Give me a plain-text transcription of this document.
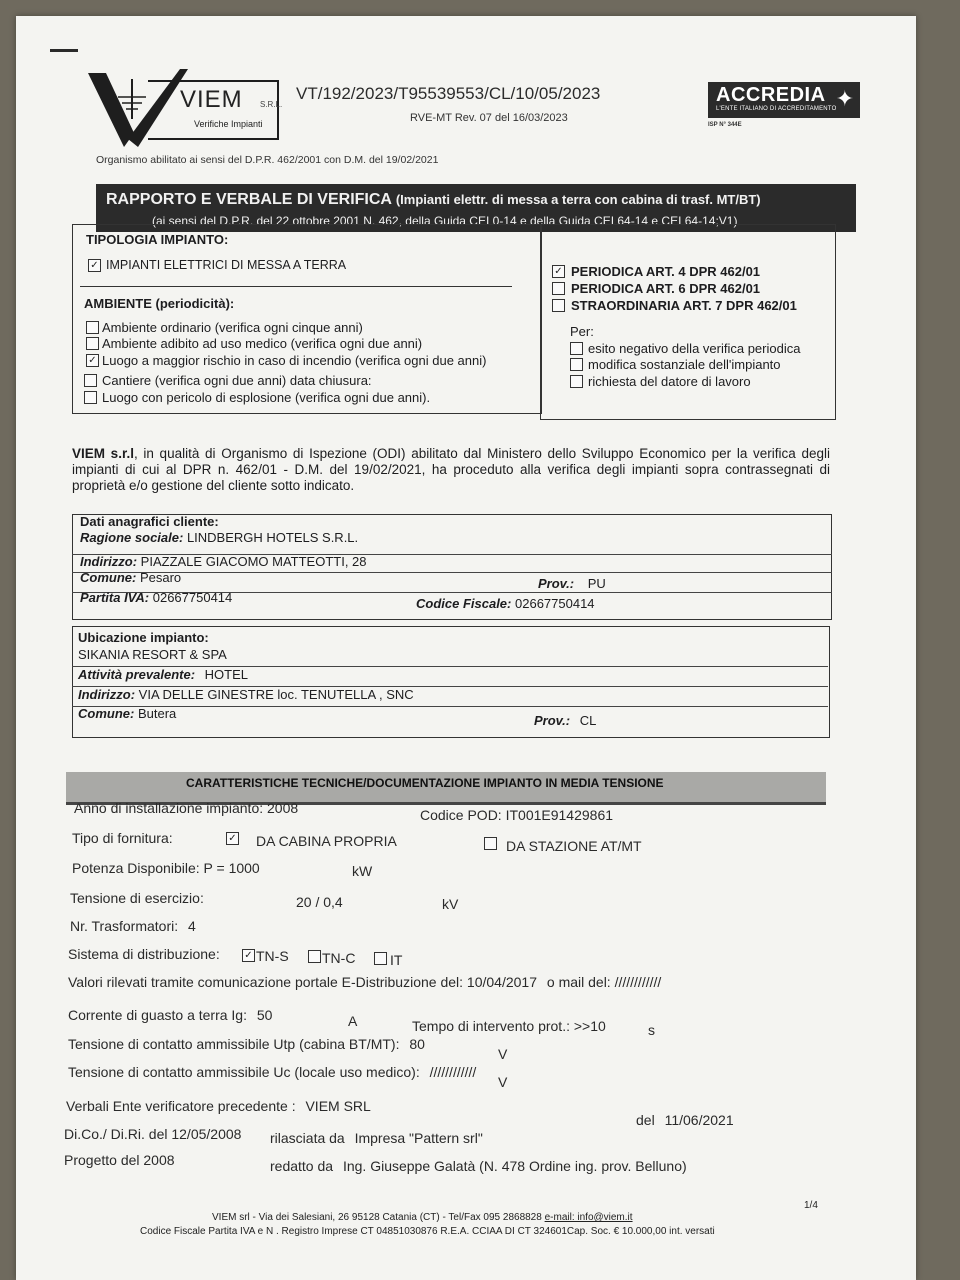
VIEM S.R.L.
Verifiche Impianti
VT/192/2023/T95539553/CL/10/05/2023
RVE-MT Rev. 07 del 16/03/2023
ACCREDIA
L'ENTE ITALIANO DI ACCREDITAMENTO ✦
ISP N° 344E
Organismo abilitato ai sensi del D.P.R. 462/2001 con D.M. del 19/02/2021
RAPPORTO E VERBALE DI VERIFICA (Impianti elettr. di messa a terra con cabina di trasf. MT/BT)
(ai sensi del D.P.R. del 22 ottobre 2001 N. 462, della Guida CEI 0-14 e della Guida CEI 64-14 e CEI 64-14;V1)
TIPOLOGIA IMPIANTO:
✓ IMPIANTI ELETTRICI DI MESSA A TERRA
AMBIENTE (periodicità):
Ambiente ordinario (verifica ogni cinque anni)
Ambiente adibito ad uso medico (verifica ogni due anni)
✓ Luogo a maggior rischio in caso di incendio (verifica ogni due anni)
Cantiere (verifica ogni due anni) data chiusura:
Luogo con pericolo di esplosione (verifica ogni due anni).
✓ PERIODICA ART. 4 DPR 462/01
PERIODICA ART. 6 DPR 462/01
STRAORDINARIA ART. 7 DPR 462/01
Per:
esito negativo della verifica periodica
modifica sostanziale dell'impianto
richiesta del datore di lavoro
VIEM s.r.l, in qualità di Organismo di Ispezione (ODI) abilitato dal Ministero dello Sviluppo Economico per la verifica degli impianti di cui al DPR n. 462/01 - D.M. del 19/02/2021, ha proceduto alla verifica degli impianti sopra contrassegnati di proprietà e/o gestione del cliente sotto indicato.
Dati anagrafici cliente:
Ragione sociale: LINDBERGH HOTELS S.R.L.
Indirizzo: PIAZZALE GIACOMO MATTEOTTI, 28
Comune: Pesaro	Prov.: PU
Partita IVA: 02667750414	Codice Fiscale: 02667750414
Ubicazione impianto:
SIKANIA RESORT & SPA
Attività prevalente: HOTEL
Indirizzo: VIA DELLE GINESTRE loc. TENUTELLA , SNC
Comune: Butera	Prov.: CL
CARATTERISTICHE TECNICHE/DOCUMENTAZIONE IMPIANTO IN MEDIA TENSIONE
Anno di installazione impianto: 2008	Codice POD: IT001E91429861
Tipo di fornitura:	✓ DA CABINA PROPRIA	DA STAZIONE AT/MT
Potenza Disponibile: P = 1000	kW
Tensione di esercizio:	20 / 0,4	kV
Nr. Trasformatori: 4
Sistema di distribuzione: ✓ TN-S TN-C IT
Valori rilevati tramite comunicazione portale E-Distribuzione del: 10/04/2017 o mail del: ////////////
Corrente di guasto a terra Ig: 50	A	Tempo di intervento prot.: >>10	s
Tensione di contatto ammissibile Utp (cabina BT/MT): 80
V
Tensione di contatto ammissibile Uc (locale uso medico): ////////////
V
Verbali Ente verificatore precedente : VIEM SRL
del 11/06/2021
Di.Co./ Di.Ri. del 12/05/2008 rilasciata da Impresa "Pattern srl"
Progetto del 2008	redatto da Ing. Giuseppe Galatà (N. 478 Ordine ing. prov. Belluno)
1/4
VIEM srl - Via dei Salesiani, 26 95128 Catania (CT) - Tel/Fax 095 2868828 e-mail: info@viem.it
Codice Fiscale Partita IVA e N . Registro Imprese CT 04851030876 R.E.A. CCIAA DI CT 324601Cap. Soc. € 10.000,00 int. versati
